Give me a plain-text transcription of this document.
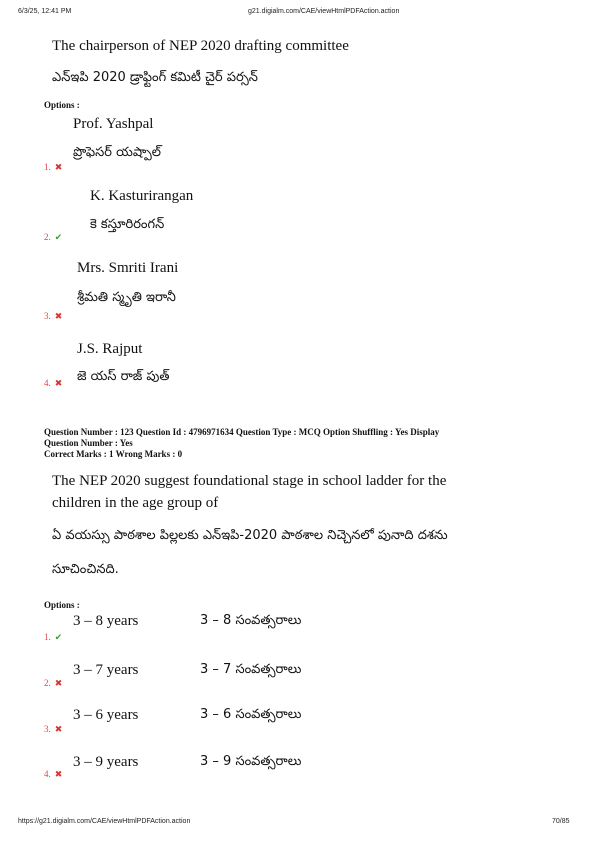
6/3/25, 12:41 PM	g21.digialm.com/CAE/viewHtmlPDFAction.action
The chairperson of NEP 2020 drafting committee
ఎన్ఇపి 2020 డ్రాఫ్టింగ్ కమిటీ చైర్ పర్సన్
Options :
Prof. Yashpal
ప్రొఫెసర్ యష్పాల్
1. ✖
K. Kasturirangan
కె కస్తూరిరంగన్
2. ✔
Mrs. Smriti Irani
శ్రీమతి స్మృతి ఇరానీ
3. ✖
J.S. Rajput
జె యస్ రాజ్ పుత్
4. ✖
Question Number : 123 Question Id : 4796971634 Question Type : MCQ Option Shuffling : Yes Display
Question Number : Yes
Correct Marks : 1 Wrong Marks : 0
The NEP 2020 suggest foundational stage in school ladder for the
children in the age group of
ఏ వయస్సు పాఠశాల పిల్లలకు ఎన్ఇపి-2020 పాఠశాల నిచ్చెనలో పునాది దశను
సూచించినది.
Options :
3 – 8 years	3 – 8 సంవత్సరాలు
1. ✔
3 – 7 years	3 – 7 సంవత్సరాలు
2. ✖
3 – 6 years	3 – 6 సంవత్సరాలు
3. ✖
3 – 9 years	3 – 9 సంవత్సరాలు
4. ✖
https://g21.digialm.com/CAE/viewHtmlPDFAction.action	70/85
